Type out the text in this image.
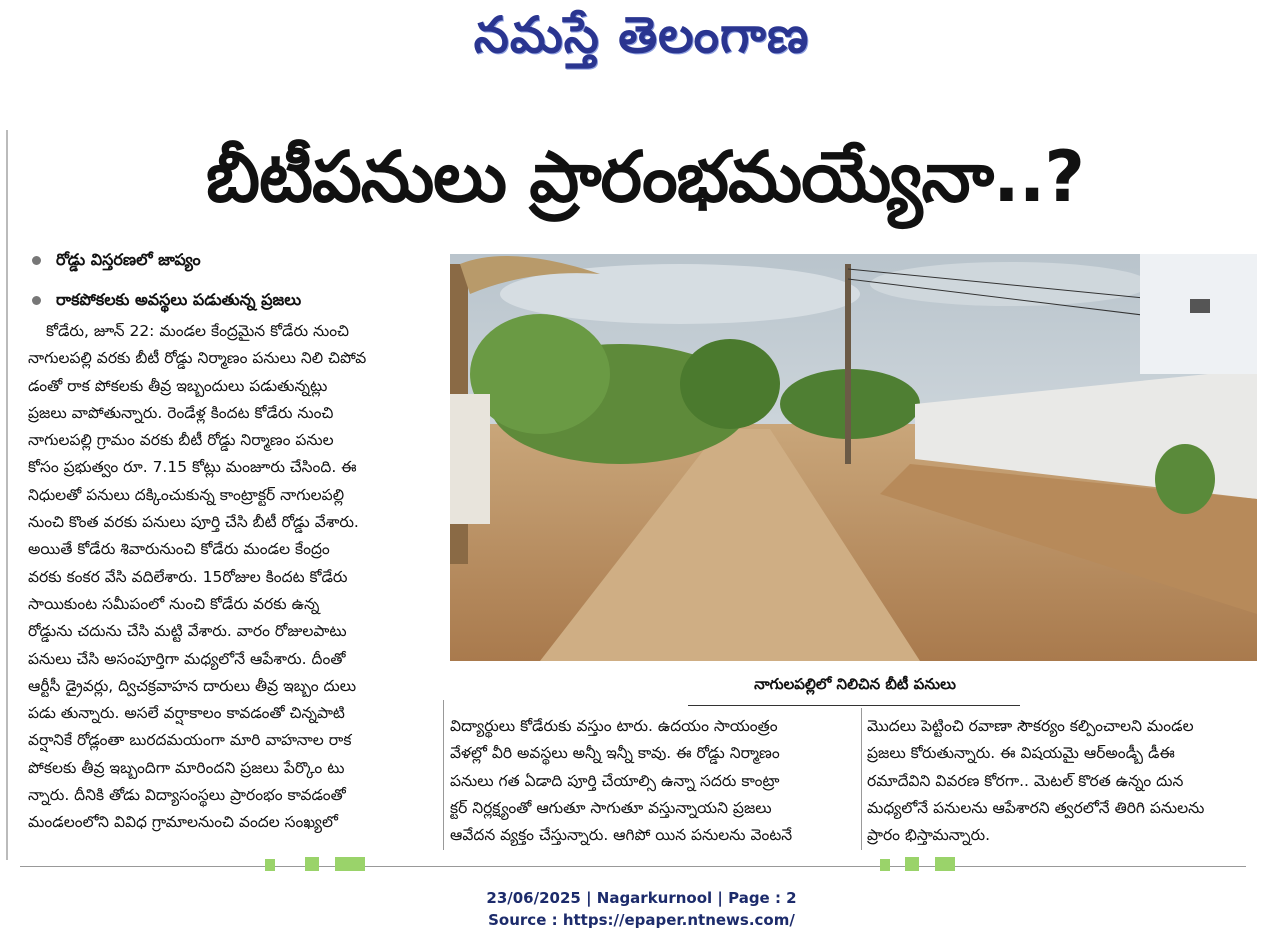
నమస్తే తెలంగాణ
బీటీపనులు ప్రారంభమయ్యేనా..?
రోడ్డు విస్తరణలో జాప్యం
రాకపోకలకు అవస్థలు పడుతున్న ప్రజలు

కోడేరు, జూన్ 22: మండల కేంద్రమైన కోడేరు నుంచి

నాగులపల్లి వరకు బీటీ రోడ్డు నిర్మాణం పనులు నిలి చిపోవ

డంతో రాక పోకలకు తీవ్ర ఇబ్బందులు పడుతున్నట్లు

ప్రజలు వాపోతున్నారు. రెండేళ్ల కిందట కోడేరు నుంచి

నాగులపల్లి గ్రామం వరకు బీటీ రోడ్డు నిర్మాణం పనుల

కోసం ప్రభుత్వం రూ. 7.15 కోట్లు మంజూరు చేసింది. ఈ

నిధులతో పనులు దక్కించుకున్న కాంట్రాక్టర్ నాగులపల్లి

నుంచి కొంత వరకు పనులు పూర్తి చేసి బీటీ రోడ్డు వేశారు.

అయితే కోడేరు శివారునుంచి కోడేరు మండల కేంద్రం

వరకు కంకర వేసి వదిలేశారు. 15రోజుల కిందట కోడేరు

సాయికుంట సమీపంలో నుంచి కోడేరు వరకు ఉన్న

రోడ్డును చదును చేసి మట్టి వేశారు. వారం రోజులపాటు

పనులు చేసి అసంపూర్తిగా మధ్యలోనే ఆపేశారు. దీంతో

ఆర్టీసీ డ్రైవర్లు, ద్విచక్రవాహన దారులు తీవ్ర ఇబ్బం దులు

పడు తున్నారు. అసలే వర్షాకాలం కావడంతో చిన్నపాటి

వర్షానికే రోడ్లంతా బురదమయంగా మారి వాహనాల రాక

పోకలకు తీవ్ర ఇబ్బందిగా మారిందని ప్రజలు పేర్కొం టు

న్నారు. దీనికి తోడు విద్యాసంస్థలు ప్రారంభం కావడంతో

మండలంలోని వివిధ గ్రామాలనుంచి వందల సంఖ్యలో

నాగులపల్లిలో నిలిచిన బీటీ పనులు

విద్యార్థులు కోడేరుకు వస్తుం టారు. ఉదయం సాయంత్రం

వేళల్లో వీరి అవస్థలు అన్నీ ఇన్నీ కావు. ఈ రోడ్డు నిర్మాణం

పనులు గత ఏడాది పూర్తి చేయాల్సి ఉన్నా సదరు కాంట్రా

క్టర్ నిర్లక్ష్యంతో ఆగుతూ సాగుతూ వస్తున్నాయని ప్రజలు

ఆవేదన వ్యక్తం చేస్తున్నారు. ఆగిపో యిన పనులను వెంటనే

మొదలు పెట్టించి రవాణా సౌకర్యం కల్పించాలని మండల

ప్రజలు కోరుతున్నారు. ఈ విషయమై ఆర్అండ్బీ డీఈ

రమాదేవిని వివరణ కోరగా.. మెటల్ కొరత ఉన్నం దున

మధ్యలోనే పనులను ఆపేశారని త్వరలోనే తిరిగి పనులను

ప్రారం భిస్తామన్నారు.

23/06/2025 | Nagarkurnool | Page : 2
Source : https://epaper.ntnews.com/
